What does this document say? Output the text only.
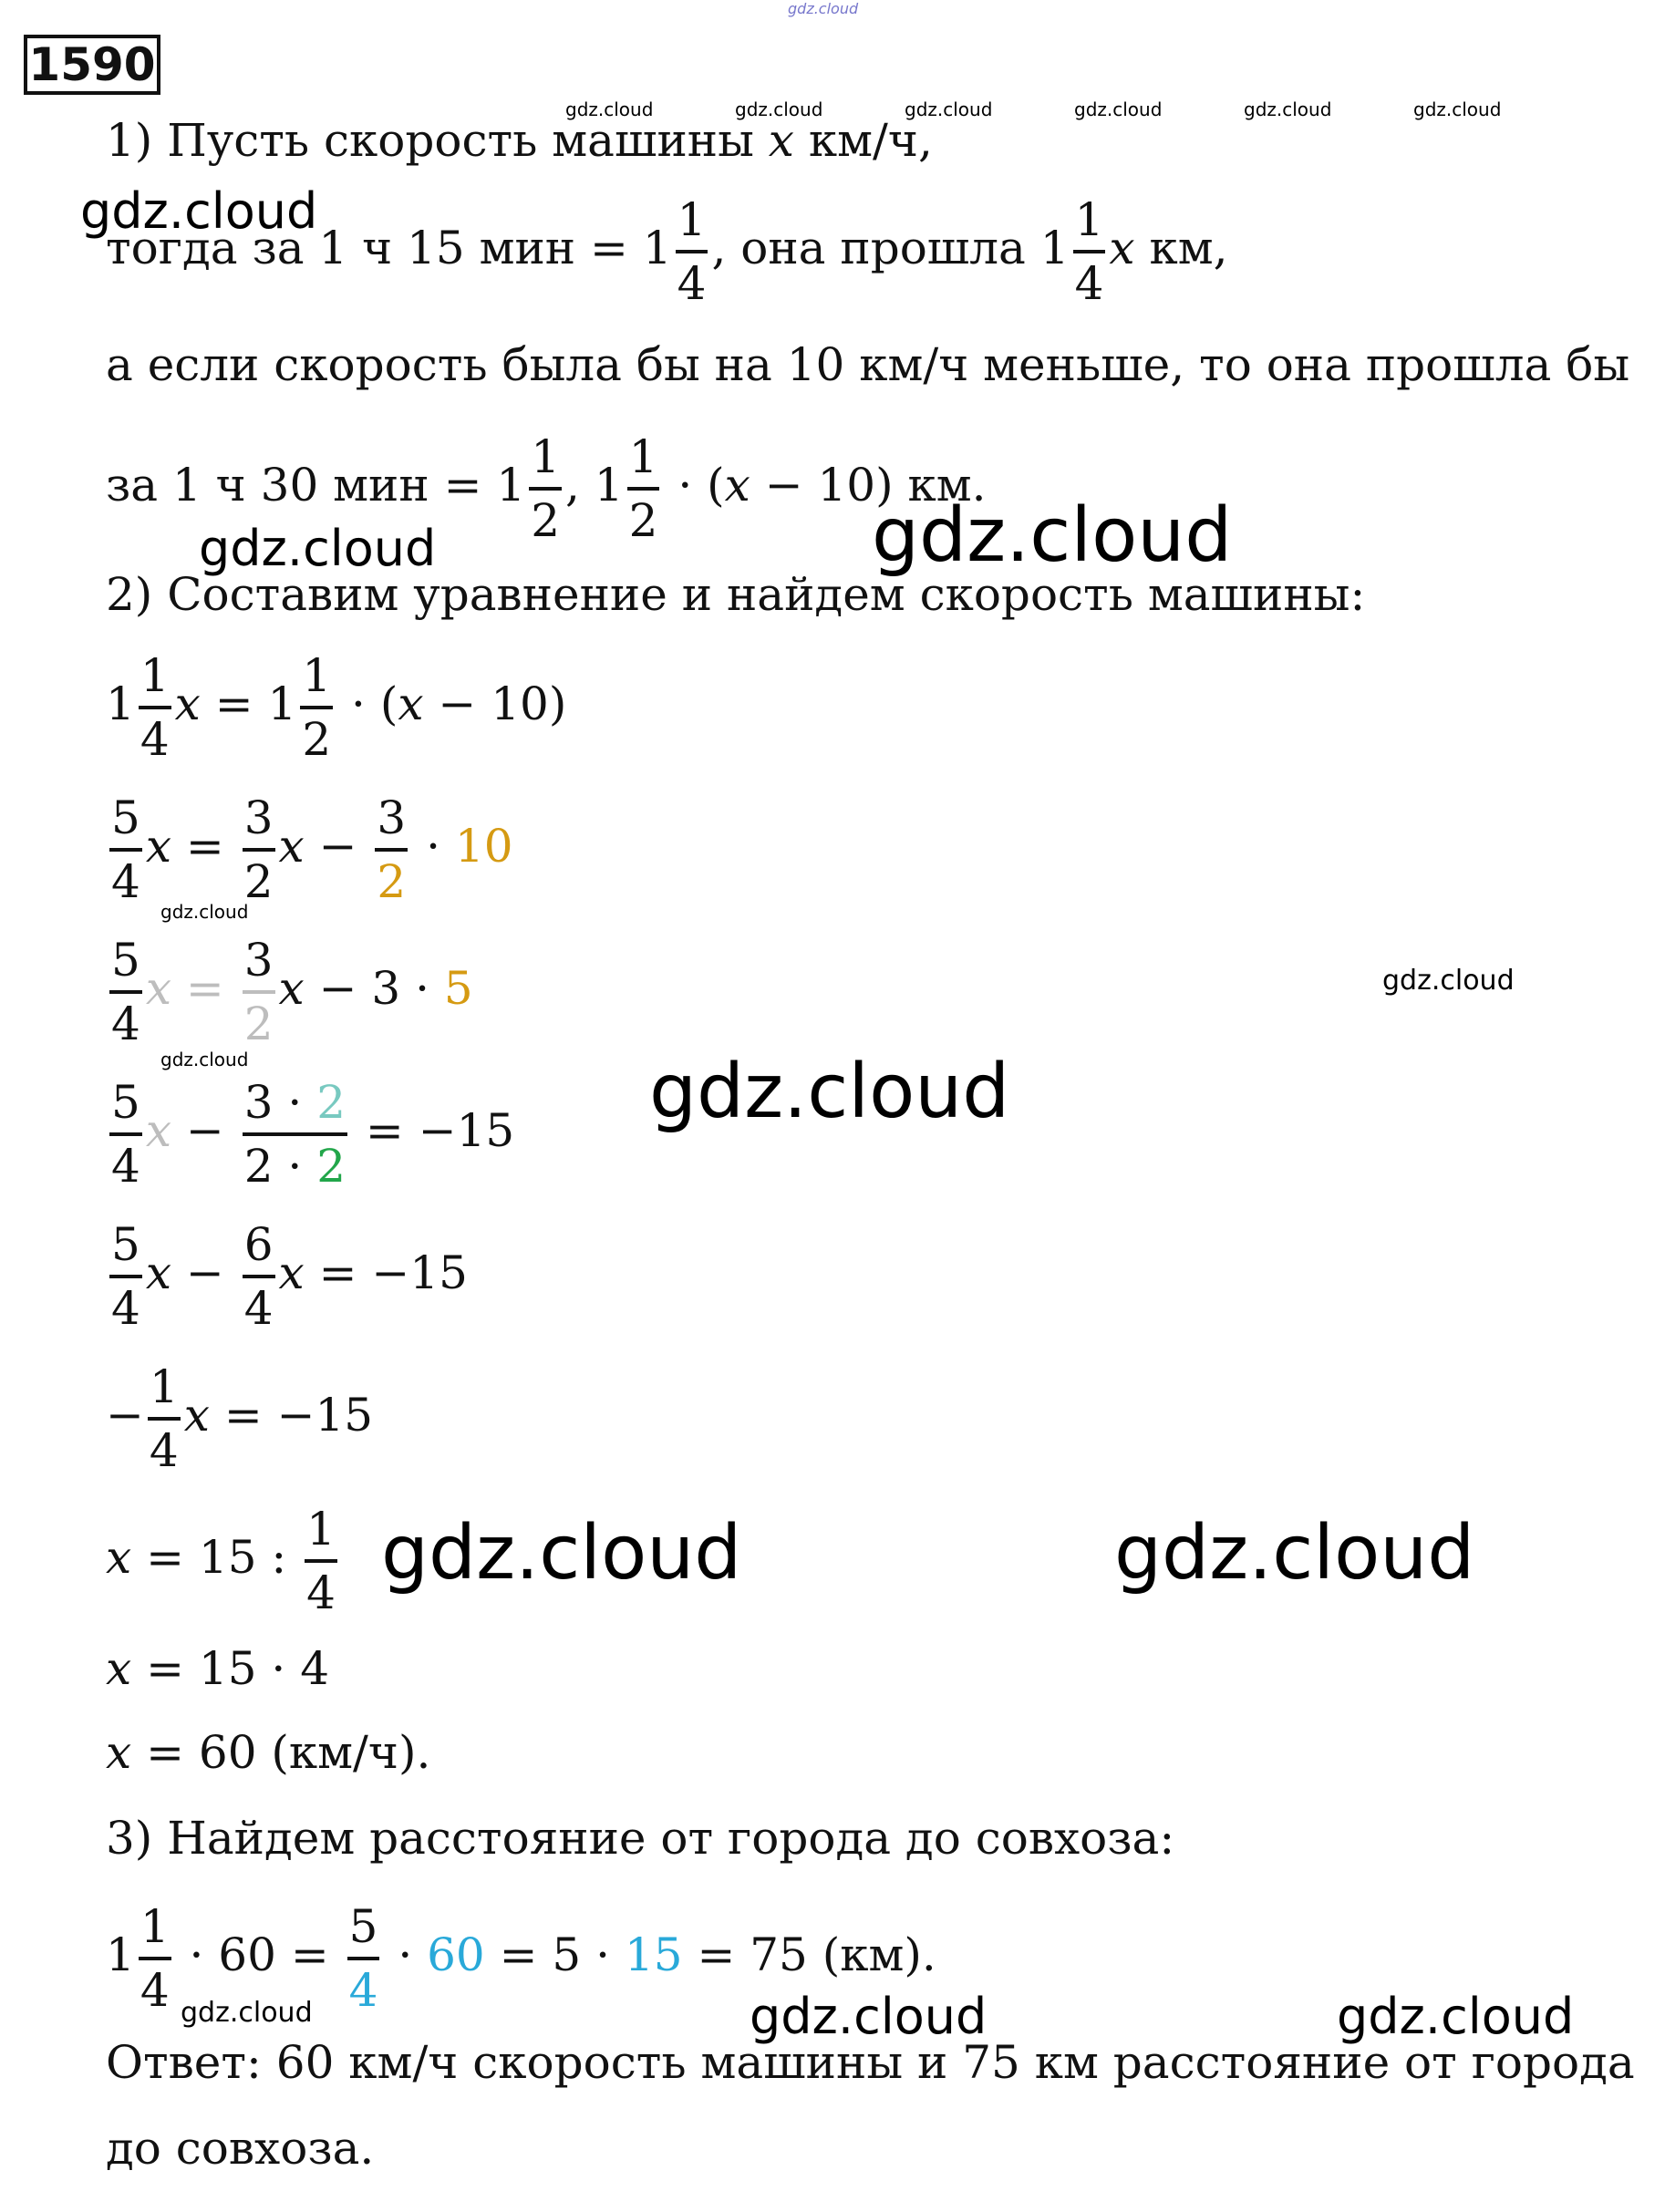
gdz.cloud
1590
gdz.cloud	gdz.cloud	gdz.cloud	gdz.cloud	gdz.cloud	gdz.cloud
1) Пусть скорость машины x км/ч,
gdz.cloud
тогда за 1 ч 15 мин = $1 \frac{1}{4}$ , она прошла $1 \frac{1}{4}$ x км,
а если скорость была бы на 10 км/ч меньше, то она прошла бы
за 1 ч 30 мин = $1 \frac{1}{2}$ , $1 \frac{1}{2} \cdot (x - 10)$ км.
gdz.cloud	gdz.cloud
2) Составим уравнение и найдем скорость машины:
$1 \frac{1}{4}$ $x = 1 \frac{1}{2} \cdot (x - 10)$
$\frac{5}{4}$ $x = \frac{3}{2}$ $x - \frac{3}{2} \cdot 10$
gdz.cloud
$\frac{5}{4}$ $x = \frac{3}{2}$ x − 3 · 5	gdz.cloud
gdz.cloud
$\frac{5}{4}$ $x - \frac{3 \cdot 2}{2 \cdot 2} = -15$ gdz.cloud
$\frac{5}{4}$ $x - \frac{6}{4}$ x = −15
− $\frac{1}{4}$ x = −15
x = 15 : $\frac{1}{4}$ gdz.cloud	gdz.cloud
x = 15 · 4
x = 60 (км/ч).
3) Найдем расстояние от города до совхоза:
$1 \frac{1}{4} \cdot 60 = \frac{5}{4} \cdot 60 = 5 \cdot 15 = 75$ (км).
gdz.cloud	gdz.cloud	gdz.cloud
Ответ: 60 км/ч скорость машины и 75 км расстояние от города
до совхоза.
